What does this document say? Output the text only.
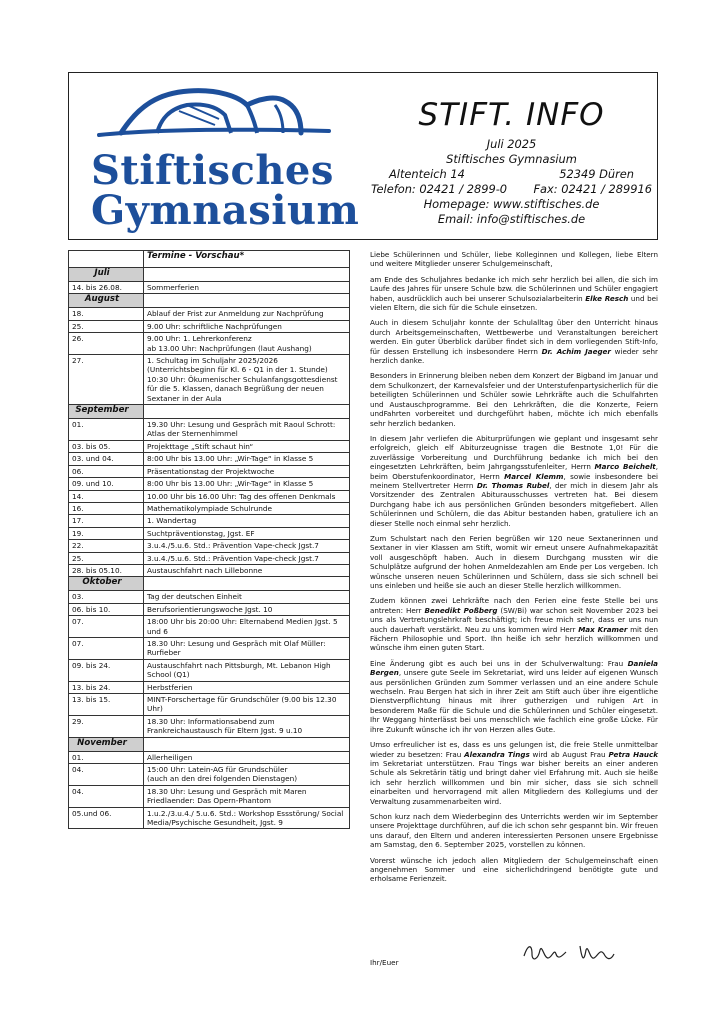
Stiftisches
Gymnasium
STIFT. INFO
Juli 2025
Stiftisches Gymnasium
Altenteich 14	52349 Düren
Telefon: 02421 / 2899-0 Fax: 02421 / 289916
Homepage: www.stiftisches.de
Email: info@stiftisches.de
	Termine - Vorschau*

Juli	

14. bis 26.08.	Sommerferien

August	

18.	Ablauf der Frist zur Anmeldung zur Nachprüfung
25.	9.00 Uhr: schriftliche Nachprüfungen
26.	9.00 Uhr: 1. Lehrerkonferenz
ab 13.00 Uhr: Nachprüfungen (laut Aushang)
27.	1. Schultag im Schuljahr 2025/2026 (Unterrichtsbeginn für Kl. 6 - Q1 in der 1. Stunde)
10:30 Uhr: Ökumenischer Schulanfangsgottesdienst für die 5. Klassen, danach Begrüßung der neuen Sextaner in der Aula

September	

01.	19.30 Uhr: Lesung und Gespräch mit Raoul Schrott: Atlas der Sternenhimmel
03. bis 05.	Projekttage „Stift schaut hin“
03. und 04.	8:00 Uhr bis 13.00 Uhr: „Wir-Tage“ in Klasse 5
06.	Präsentationstag der Projektwoche
09. und 10.	8:00 Uhr bis 13.00 Uhr: „Wir-Tage“ in Klasse 5
14.	10.00 Uhr bis 16.00 Uhr: Tag des offenen Denkmals
16.	Mathematikolympiade Schulrunde
17.	1. Wandertag
19.	Suchtpräventionstag, Jgst. EF
22.	3.u.4./5.u.6. Std.: Prävention Vape-check Jgst.7
25.	3.u.4./5.u.6. Std.: Prävention Vape-check Jgst.7
28. bis 05.10.	Austauschfahrt nach Lillebonne

Oktober	

03.	Tag der deutschen Einheit
06. bis 10.	Berufsorientierungswoche Jgst. 10
07.	18:00 Uhr bis 20:00 Uhr: Elternabend Medien Jgst. 5 und 6
07.	18.30 Uhr: Lesung und Gespräch mit Olaf Müller: Rurfieber
09. bis 24.	Austauschfahrt nach Pittsburgh, Mt. Lebanon High School (Q1)
13. bis 24.	Herbstferien
13. bis 15.	MINT-Forschertage für Grundschüler (9.00 bis 12.30 Uhr)
29.	18.30 Uhr: Informationsabend zum Frankreichaustausch für Eltern Jgst. 9 u.10

November	

01.	Allerheiligen
04.	15:00 Uhr: Latein-AG für Grundschüler
(auch an den drei folgenden Dienstagen)
04.	18.30 Uhr: Lesung und Gespräch mit Maren Friedlaender: Das Opern-Phantom
05.und 06.	1.u.2./3.u.4./ 5.u.6. Std.: Workshop Essstörung/ Social Media/Psychische Gesundheit, Jgst. 9

Liebe Schülerinnen und Schüler, liebe Kolleginnen und Kollegen, liebe Eltern und weitere Mitglieder unserer Schulgemeinschaft,

am Ende des Schuljahres bedanke ich mich sehr herzlich bei allen, die sich im Laufe des Jahres für unsere Schule bzw. die Schülerinnen und Schüler engagiert haben, ausdrücklich auch bei unserer Schulsozialarbeiterin Elke Resch und bei vielen Eltern, die sich für die Schule einsetzen.

Auch in diesem Schuljahr konnte der Schulalltag über den Unterricht hinaus durch Arbeitsgemeinschaften, Wettbewerbe und Veranstaltungen bereichert werden. Ein guter Überblick darüber findet sich in dem vorliegenden Stift-Info, für dessen Erstellung ich insbesondere Herrn Dr. Achim Jaeger wieder sehr herzlich danke.

Besonders in Erinnerung bleiben neben dem Konzert der Bigband im Januar und dem Schulkonzert, der Karnevalsfeier und der Unterstufenpartysicherlich für die beteiligten Schülerinnen und Schüler sowie Lehrkräfte auch die Schulfahrten und Austauschprogramme. Bei den Lehrkräften, die die Konzerte, Feiern undFahrten vorbereitet und durchgeführt haben, möchte ich mich ebenfalls sehr herzlich bedanken.

In diesem Jahr verliefen die Abiturprüfungen wie geplant und insgesamt sehr erfolgreich, gleich elf Abiturzeugnisse tragen die Bestnote 1,0! Für die zuverlässige Vorbereitung und Durchführung bedanke ich mich bei den eingesetzten Lehrkräften, beim Jahrgangsstufenleiter, Herrn Marco Beichelt, beim Oberstufenkoordinator, Herrn Marcel Klemm, sowie insbesondere bei meinem Stellvertreter Herrn Dr. Thomas Rubel, der mich in diesem Jahr als Vorsitzender des Zentralen Abiturausschusses vertreten hat. Bei diesem Durchgang habe ich aus persönlichen Gründen besonders mitgefiebert. Allen Schülerinnen und Schülern, die das Abitur bestanden haben, gratuliere ich an dieser Stelle noch einmal sehr herzlich.

Zum Schulstart nach den Ferien begrüßen wir 120 neue Sextanerinnen und Sextaner in vier Klassen am Stift, womit wir erneut unsere Aufnahmekapazität voll ausgeschöpft haben. Auch in diesem Durchgang mussten wir die Schulplätze aufgrund der hohen Anmeldezahlen am Ende per Los vergeben. Ich wünsche unseren neuen Schülerinnen und Schülern, dass sie sich schnell bei uns einleben und heiße sie auch an dieser Stelle herzlich willkommen.

Zudem können zwei Lehrkräfte nach den Ferien eine feste Stelle bei uns antreten: Herr Benedikt Poßberg (SW/Bi) war schon seit November 2023 bei uns als Vertretungslehrkraft beschäftigt; ich freue mich sehr, dass er uns nun auch dauerhaft verstärkt. Neu zu uns kommen wird Herr Max Kramer mit den Fächern Philosophie und Sport. Ihn heiße ich sehr herzlich willkommen und wünsche ihm einen guten Start.

Eine Änderung gibt es auch bei uns in der Schulverwaltung: Frau Daniela Bergen, unsere gute Seele im Sekretariat, wird uns leider auf eigenen Wunsch aus persönlichen Gründen zum Sommer verlassen und an eine andere Schule wechseln. Frau Bergen hat sich in ihrer Zeit am Stift auch über ihre eigentliche Dienstverpflichtung hinaus mit ihrer gutherzigen und ruhigen Art in besonderem Maße für die Schule und die Schülerinnen und Schüler eingesetzt. Ihr Weggang hinterlässt bei uns menschlich wie fachlich eine große Lücke. Für ihre Zukunft wünsche ich ihr von Herzen alles Gute.

Umso erfreulicher ist es, dass es uns gelungen ist, die freie Stelle unmittelbar wieder zu besetzen: Frau Alexandra Tings wird ab August Frau Petra Hauck im Sekretariat unterstützen. Frau Tings war bisher bereits an einer anderen Schule als Sekretärin tätig und bringt daher viel Erfahrung mit. Auch sie heiße ich sehr herzlich willkommen und bin mir sicher, dass sie sich schnell einarbeiten und hervorragend mit allen Mitgliedern des Kollegiums und der Verwaltung zusammenarbeiten wird.

Schon kurz nach dem Wiederbeginn des Unterrichts werden wir im September unsere Projekttage durchführen, auf die ich schon sehr gespannt bin. Wir freuen uns darauf, den Eltern und anderen interessierten Personen unsere Ergebnisse am Samstag, den 6. September 2025, vorstellen zu können.

Vorerst wünsche ich jedoch allen Mitgliedern der Schulgemeinschaft einen angenehmen Sommer und eine sicherlichdringend benötigte gute und erholsame Ferienzeit.

Ihr/Euer
